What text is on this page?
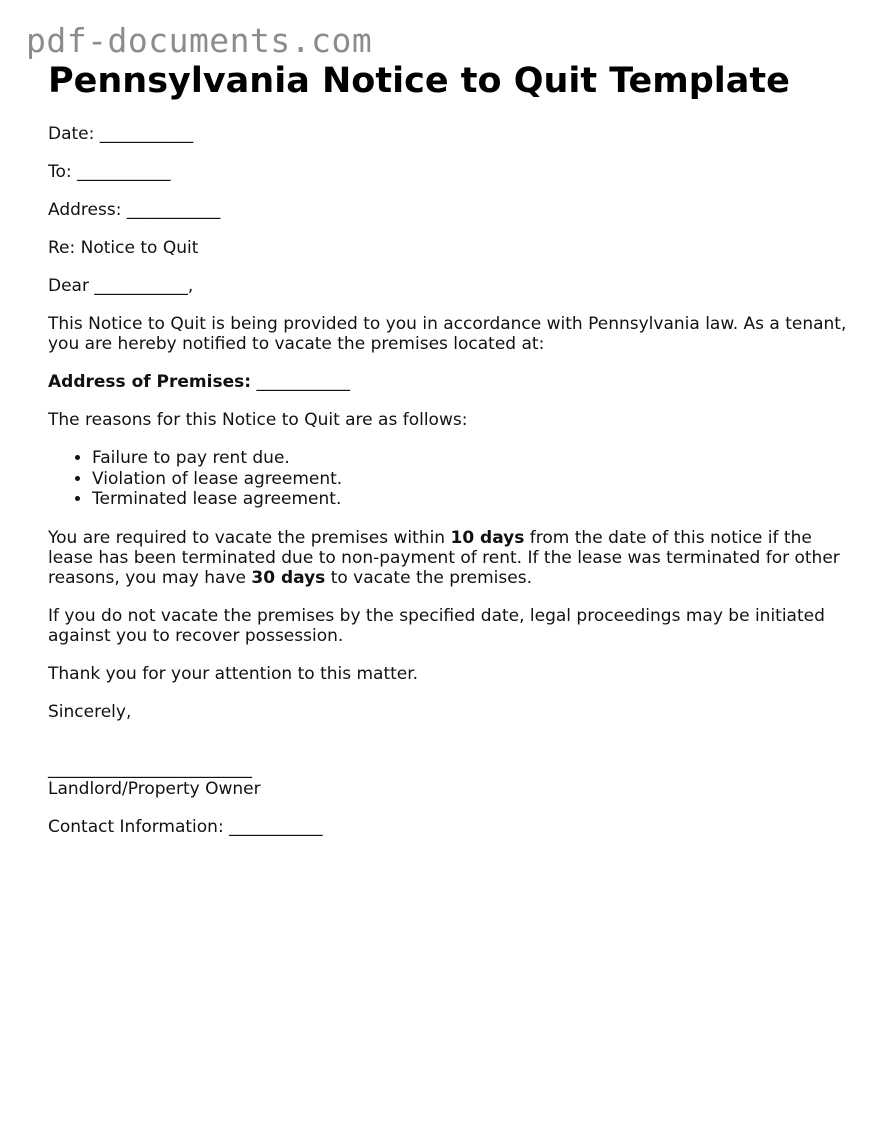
pdf-documents.com
Pennsylvania Notice to Quit Template

Date: ___________

To: ___________

Address: ___________

Re: Notice to Quit

Dear ___________,

This Notice to Quit is being provided to you in accordance with Pennsylvania law. As a tenant, you are hereby notified to vacate the premises located at:

Address of Premises: ___________

The reasons for this Notice to Quit are as follows:

• Failure to pay rent due.
• Violation of lease agreement.
• Terminated lease agreement.

You are required to vacate the premises within 10 days from the date of this notice if the lease has been terminated due to non-payment of rent. If the lease was terminated for other reasons, you may have 30 days to vacate the premises.

If you do not vacate the premises by the specified date, legal proceedings may be initiated against you to recover possession.

Thank you for your attention to this matter.

Sincerely,

________________________
Landlord/Property Owner

Contact Information: ___________
